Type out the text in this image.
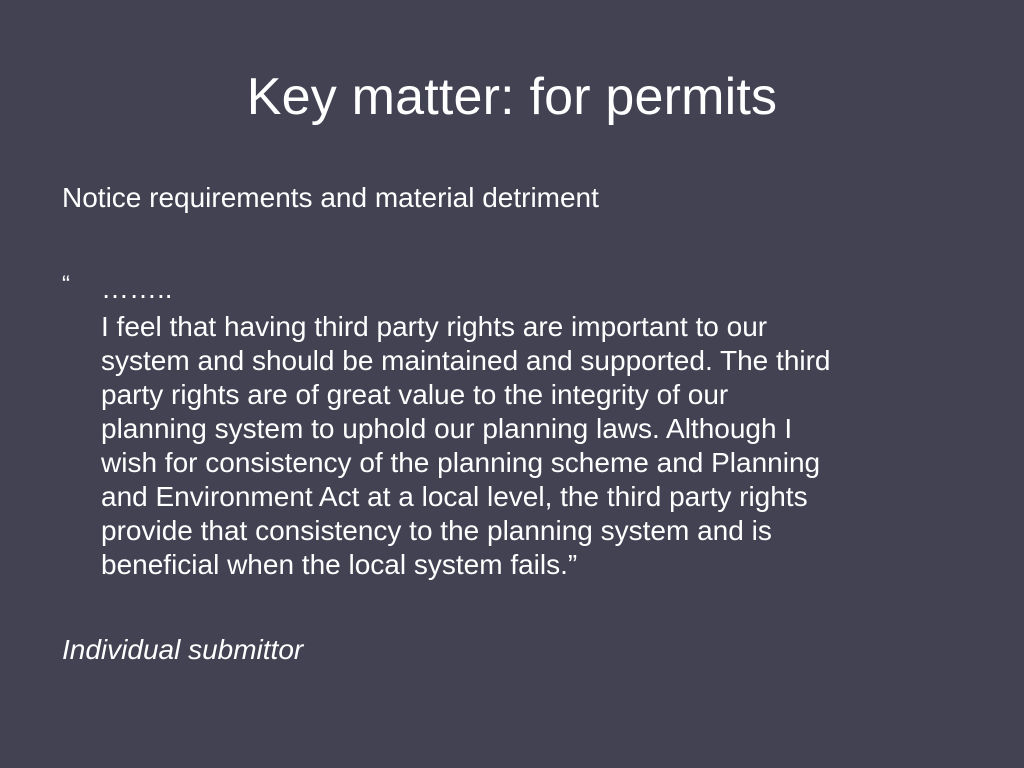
Key matter: for permits
Notice requirements and material detriment
“	……..
I feel that having third party rights are important to our
system and should be maintained and supported. The third
party rights are of great value to the integrity of our
planning system to uphold our planning laws. Although I
wish for consistency of the planning scheme and Planning
and Environment Act at a local level, the third party rights
provide that consistency to the planning system and is
beneficial when the local system fails.”
Individual submittor
